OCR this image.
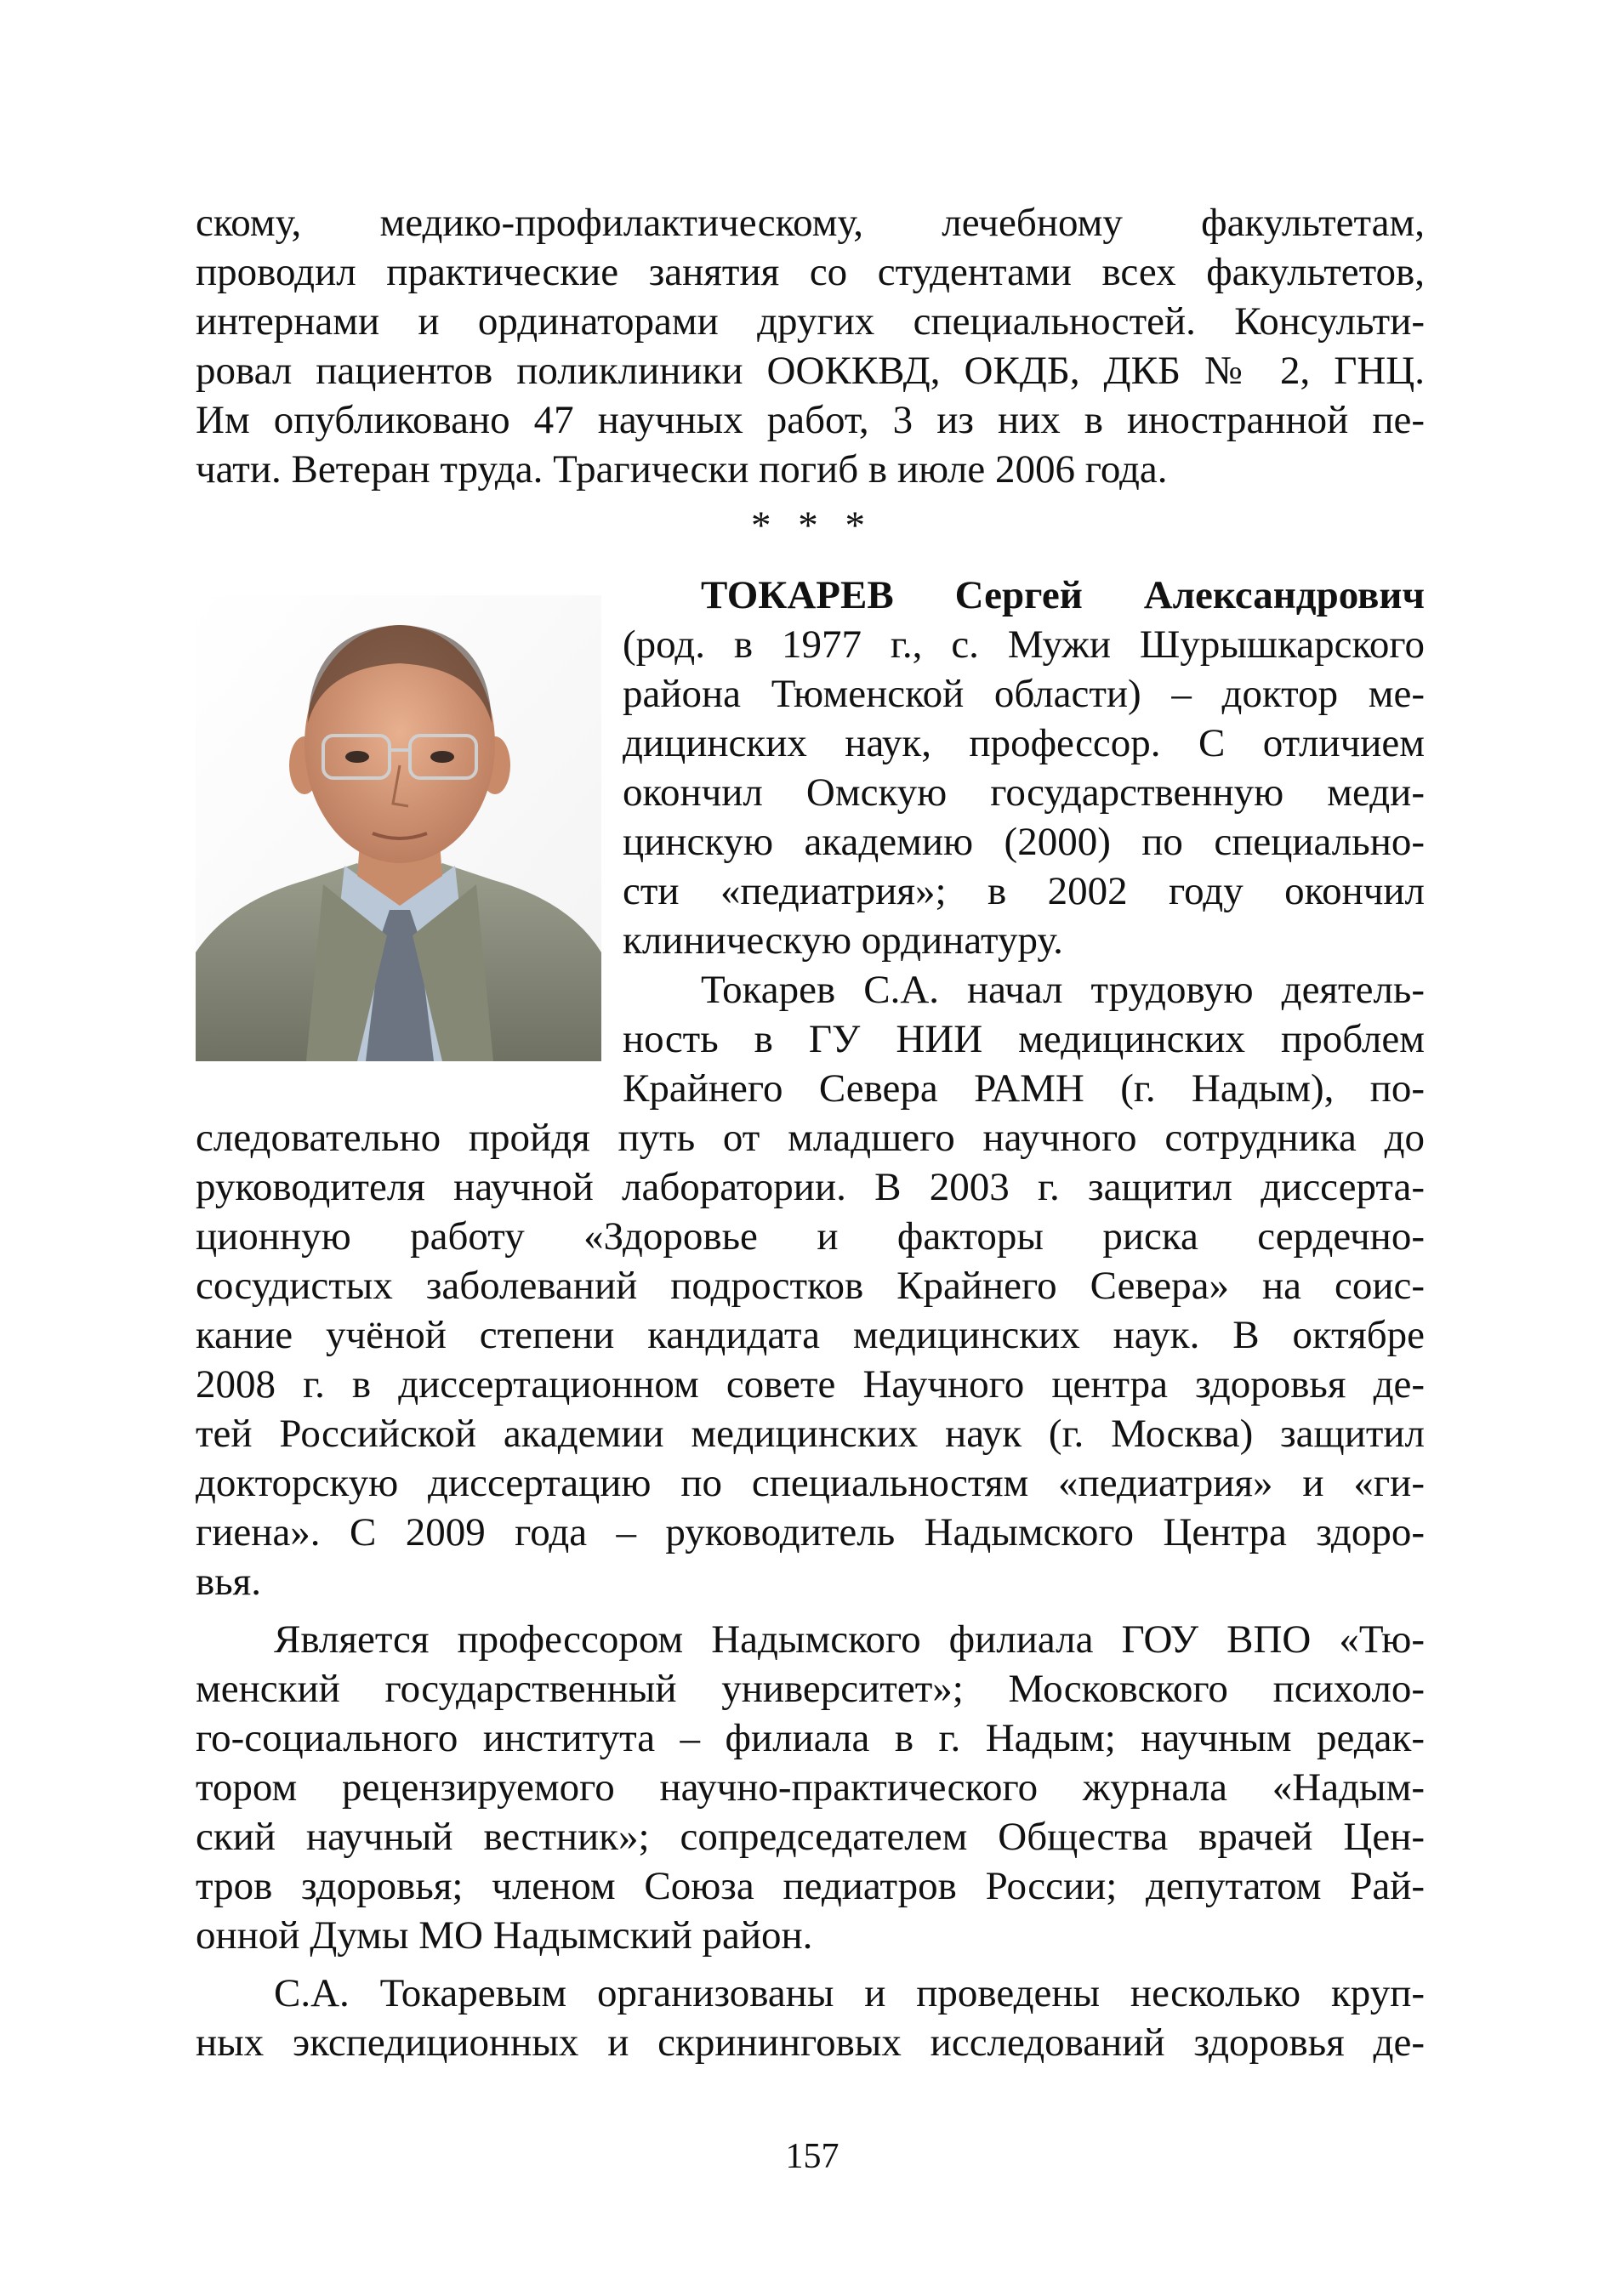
скому, медико-профилактическому, лечебному факультетам,
проводил практические занятия со студентами всех факультетов,
интернами и ординаторами других специальностей. Консульти-
ровал пациентов поликлиники ООККВД, ОКДБ, ДКБ № 2, ГНЦ.
Им опубликовано 47 научных работ, 3 из них в иностранной пе-
чати. Ветеран труда. Трагически погиб в июле 2006 года.
* * *
ТОКАРЕВ Сергей Александрович
(род. в 1977 г., с. Мужи Шурышкарского
района Тюменской области) – доктор ме-
дицинских наук, профессор. С отличием
окончил Омскую государственную меди-
цинскую академию (2000) по специально-
сти «педиатрия»; в 2002 году окончил
клиническую ординатуру.
Токарев С.А. начал трудовую деятель-
ность в ГУ НИИ медицинских проблем
Крайнего Севера РАМН (г. Надым), по-
следовательно пройдя путь от младшего научного сотрудника до
руководителя научной лаборатории. В 2003 г. защитил диссерта-
ционную работу «Здоровье и факторы риска сердечно-
сосудистых заболеваний подростков Крайнего Севера» на соис-
кание учёной степени кандидата медицинских наук. В октябре
2008 г. в диссертационном совете Научного центра здоровья де-
тей Российской академии медицинских наук (г. Москва) защитил
докторскую диссертацию по специальностям «педиатрия» и «ги-
гиена». С 2009 года – руководитель Надымского Центра здоро-
вья.
Является профессором Надымского филиала ГОУ ВПО «Тю-
менский государственный университет»; Московского психоло-
го-социального института – филиала в г. Надым; научным редак-
тором рецензируемого научно-практического журнала «Надым-
ский научный вестник»; сопредседателем Общества врачей Цен-
тров здоровья; членом Союза педиатров России; депутатом Рай-
онной Думы МО Надымский район.
С.А. Токаревым организованы и проведены несколько круп-
ных экспедиционных и скрининговых исследований здоровья де-
157
